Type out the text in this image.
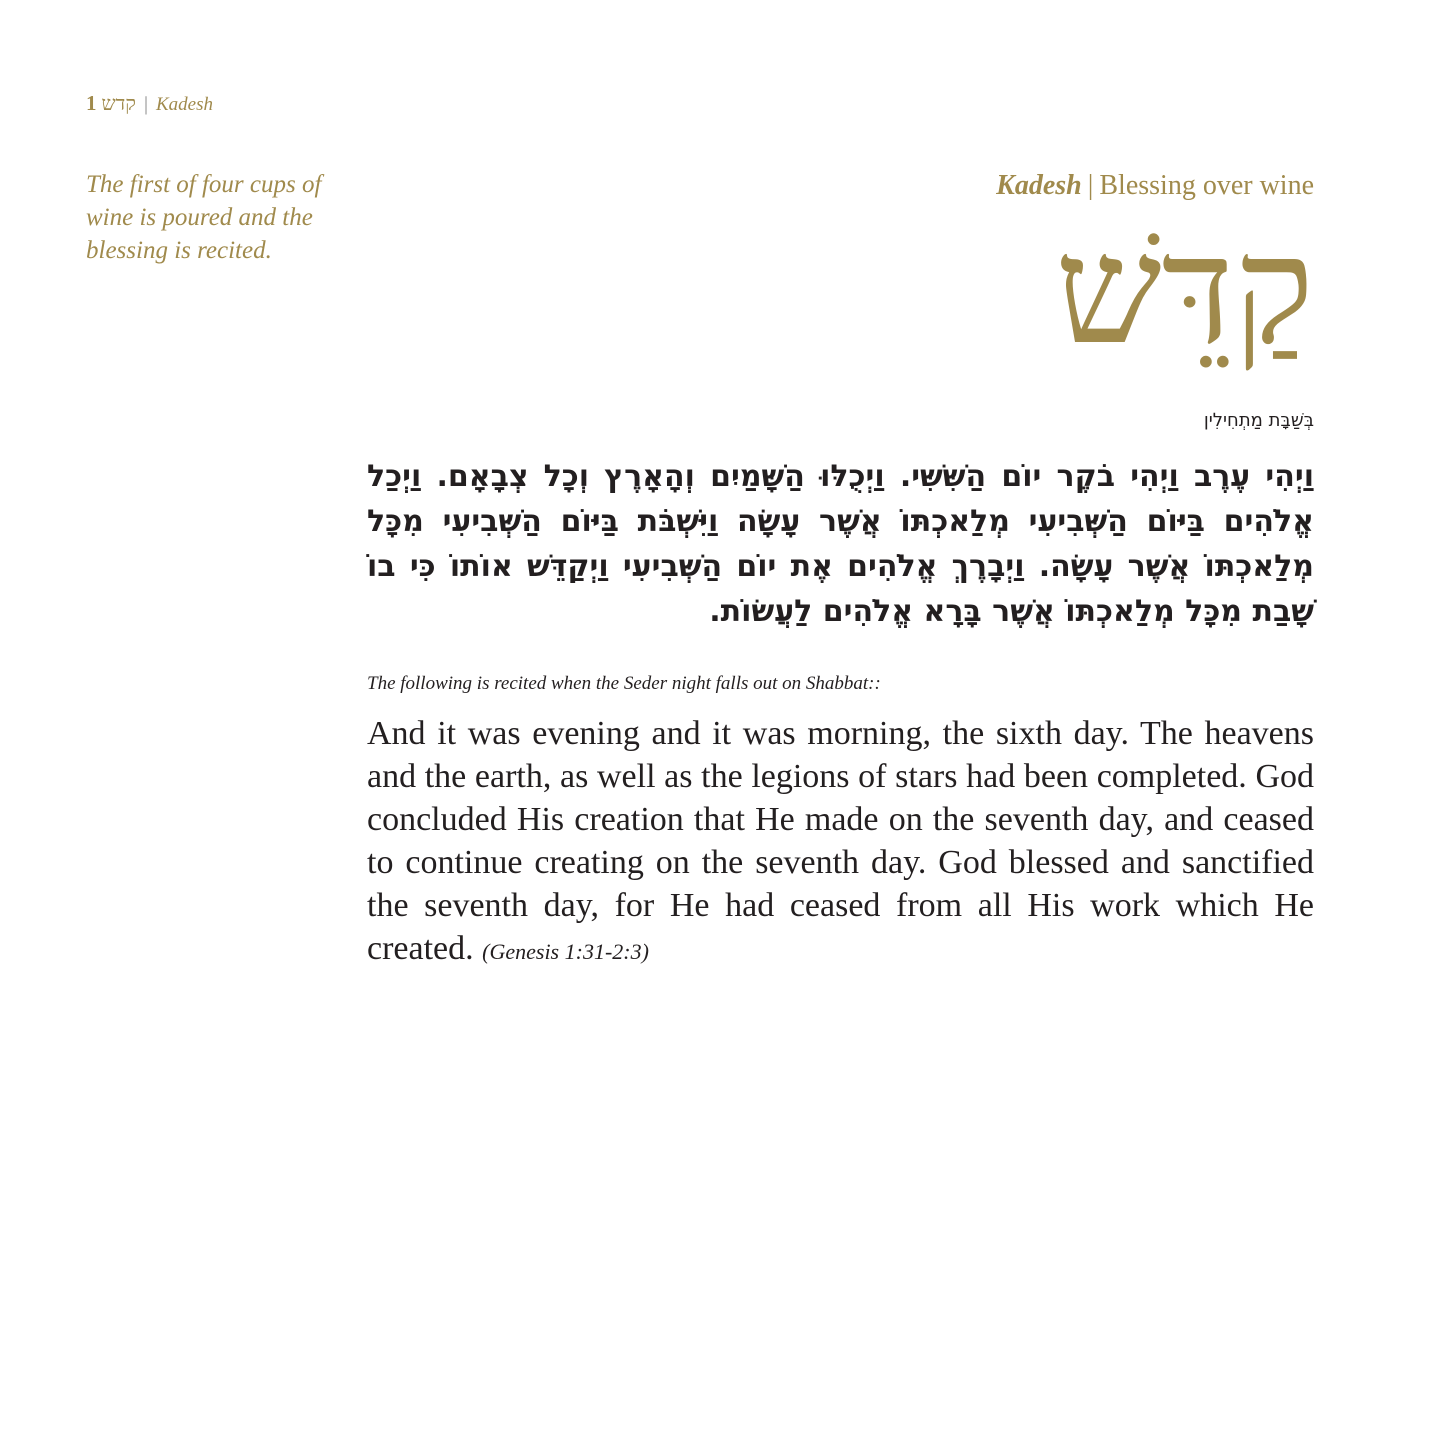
1 קדש | Kadesh
The first of four cups of wine is poured and the blessing is recited.
Kadesh | Blessing over wine
קַדֵּשׁ
בְּשַׁבָּת מַתְחִילִין
וַיְהִי עֶרֶב וַיְהִי בֹקֶר יוֹם הַשִּׁשִּׁי. וַיְכֻלּוּ הַשָּׁמַיִם וְהָאָרֶץ וְכָל צְבָאָם. וַיְכַל אֱלֹהִים בַּיּוֹם הַשְּׁבִיעִי מְלַאכְתּוֹ אֲשֶׁר עָשָׂה וַיִּשְׁבֹּת בַּיּוֹם הַשְּׁבִיעִי מִכָּל מְלַאכְתּוֹ אֲשֶׁר עָשָׂה. וַיְבָרֶךְ אֱלֹהִים אֶת יוֹם הַשְּׁבִיעִי וַיְקַדֵּשׁ אוֹתוֹ כִּי בוֹ שָׁבַת מִכָּל מְלַאכְתּוֹ אֲשֶׁר בָּרָא אֱלֹהִים לַעֲשׂוֹת.
The following is recited when the Seder night falls out on Shabbat::
And it was evening and it was morning, the sixth day. The heavens and the earth, as well as the legions of stars had been completed. God concluded His creation that He made on the seventh day, and ceased to continue creating on the seventh day. God blessed and sanctified the seventh day, for He had ceased from all His work which He created. (Genesis 1:31-2:3)
